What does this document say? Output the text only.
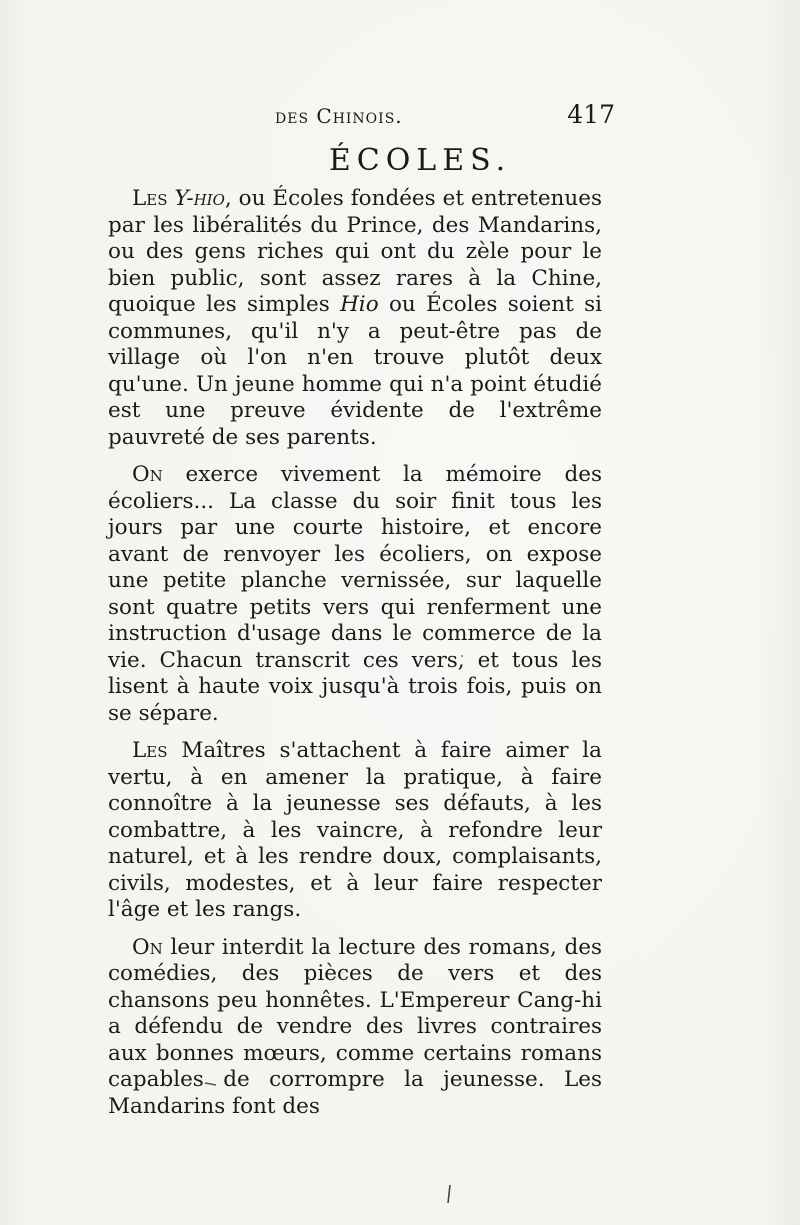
des Chinois.	417
ÉCOLES.

Les Y-hio, ou Écoles fondées et entretenues par les libéralités du Prince, des Mandarins, ou des gens riches qui ont du zèle pour le bien public, sont assez rares à la Chine, quoique les simples Hio ou Écoles soient si communes, qu'il n'y a peut-être pas de village où l'on n'en trouve plutôt deux qu'une. Un jeune homme qui n'a point étudié est une preuve évidente de l'extrême pauvreté de ses parents.

On exerce vivement la mémoire des écoliers... La classe du soir finit tous les jours par une courte histoire, et encore avant de renvoyer les écoliers, on expose une petite planche vernissée, sur laquelle sont quatre petits vers qui renferment une instruction d'usage dans le commerce de la vie. Chacun transcrit ces vers, et tous les lisent à haute voix jusqu'à trois fois, puis on se sépare.

Les Maîtres s'attachent à faire aimer la vertu, à en amener la pratique, à faire connoître à la jeunesse ses défauts, à les combattre, à les vaincre, à refondre leur naturel, et à les rendre doux, complaisants, civils, modestes, et à leur faire respecter l'âge et les rangs.

On leur interdit la lecture des romans, des comédies, des pièces de vers et des chansons peu honnêtes. L'Empereur Cang-hi a défendu de vendre des livres contraires aux bonnes mœurs, comme certains romans capables de corrompre la jeunesse. Les Mandarins font des
